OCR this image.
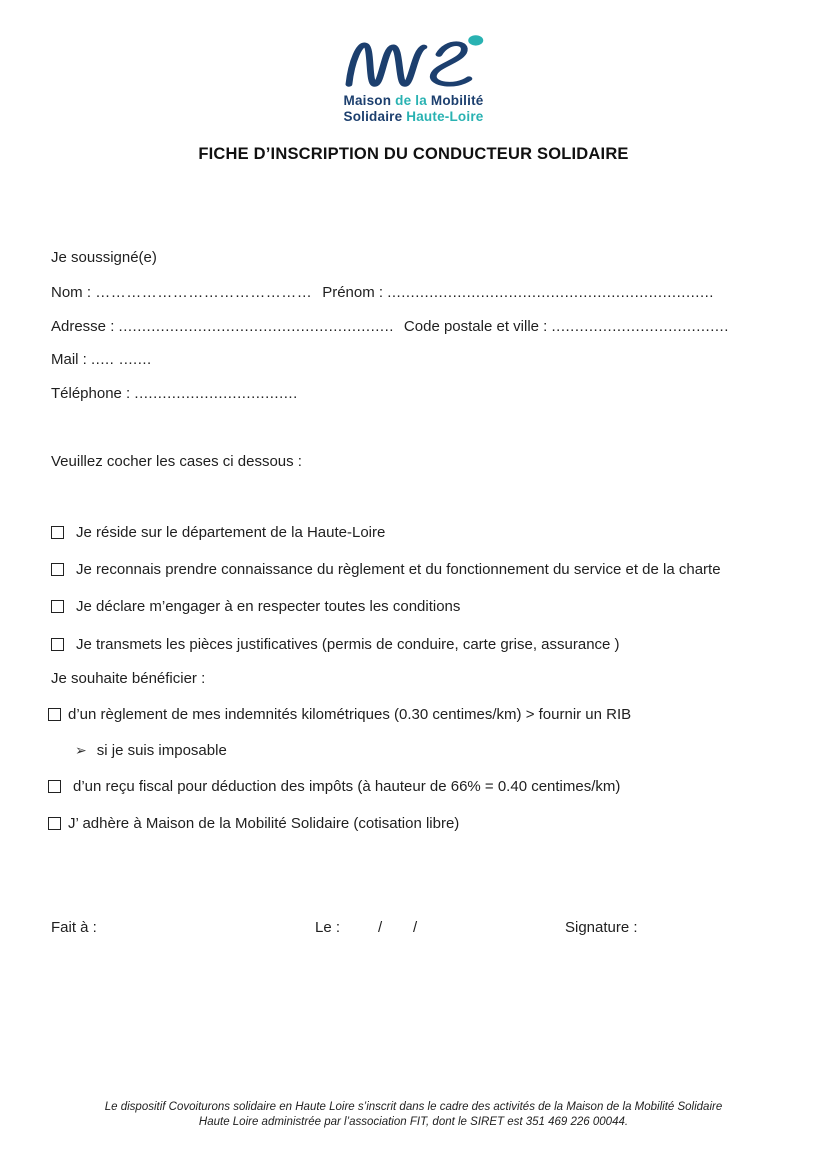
Maison de la Mobilité
Solidaire Haute-Loire
FICHE D’INSCRIPTION DU CONDUCTEUR SOLIDAIRE
Je soussigné(e)
Nom : …………………………………… Prénom : ......................................................................
Adresse : ........................................................... Code postale et ville : ......................................
Mail : ..... .......
Téléphone : ...................................
Veuillez cocher les cases ci dessous :
Je réside sur le département de la Haute-Loire
Je reconnais prendre connaissance du règlement et du fonctionnement du service et de la charte
Je déclare m’engager à en respecter toutes les conditions
Je transmets les pièces justificatives (permis de conduire, carte grise, assurance )
Je souhaite bénéficier :
d’un règlement de mes indemnités kilométriques (0.30 centimes/km) > fournir un RIB
➢ si je suis imposable
d’un reçu fiscal pour déduction des impôts (à hauteur de 66% = 0.40 centimes/km)
J’ adhère à Maison de la Mobilité Solidaire (cotisation libre)
Fait à :	Le :	/ /	Signature :
Le dispositif Covoiturons solidaire en Haute Loire s’inscrit dans le cadre des activités de la Maison de la Mobilité Solidaire
Haute Loire administrée par l’association FIT, dont le SIRET est 351 469 226 00044.
